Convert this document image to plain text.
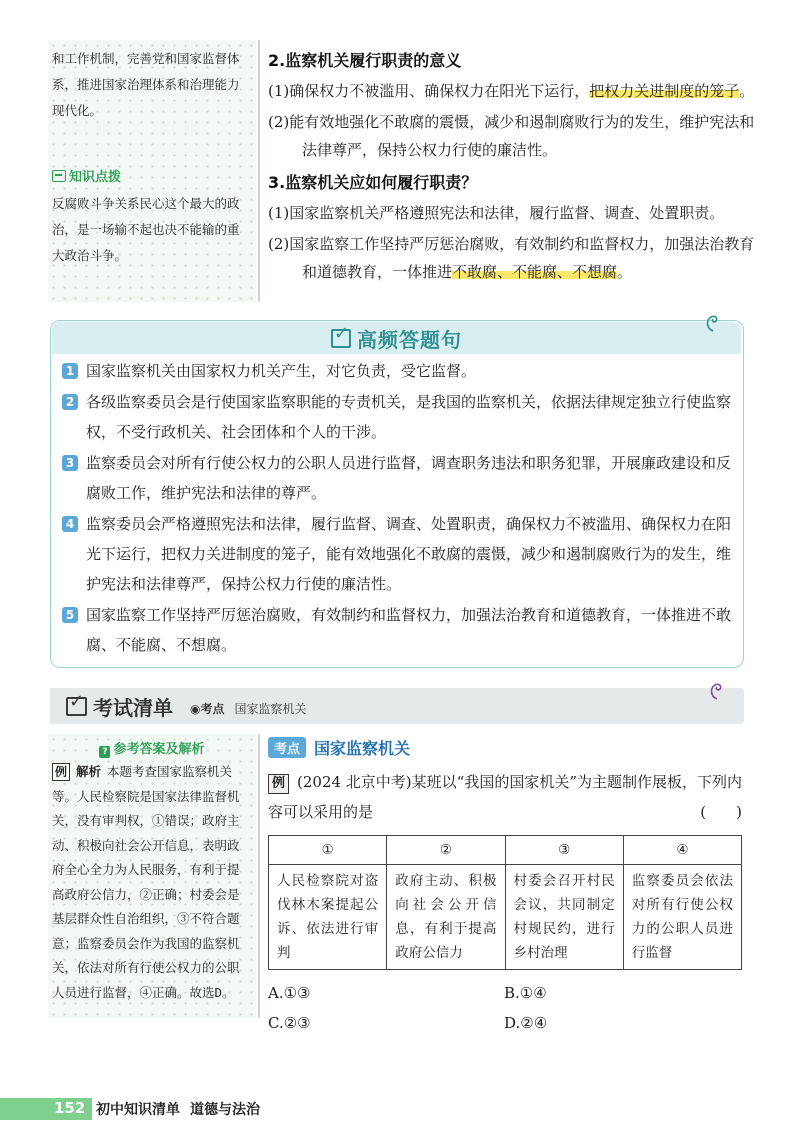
和工作机制，完善党和国家监督体系，推进国家治理体系和治理能力现代化。
知识点拨
反腐败斗争关系民心这个最大的政治，是一场输不起也决不能输的重大政治斗争。
2.监察机关履行职责的意义

(1)确保权力不被滥用、确保权力在阳光下运行，把权力关进制度的笼子。

(2)能有效地强化不敢腐的震慑，减少和遏制腐败行为的发生，维护宪法和法律尊严，保持公权力行使的廉洁性。

3.监察机关应如何履行职责？

(1)国家监察机关严格遵照宪法和法律，履行监督、调查、处置职责。

(2)国家监察工作坚持严厉惩治腐败，有效制约和监督权力，加强法治教育和道德教育，一体推进不敢腐、不能腐、不想腐。

✓高频答题句
1 国家监察机关由国家权力机关产生，对它负责，受它监督。
2 各级监察委员会是行使国家监察职能的专责机关，是我国的监察机关，依据法律规定独立行使监察权，不受行政机关、社会团体和个人的干涉。
3 监察委员会对所有行使公权力的公职人员进行监督，调查职务违法和职务犯罪，开展廉政建设和反腐败工作，维护宪法和法律的尊严。
4 监察委员会严格遵照宪法和法律，履行监督、调查、处置职责，确保权力不被滥用、确保权力在阳光下运行，把权力关进制度的笼子，能有效地强化不敢腐的震慑，减少和遏制腐败行为的发生，维护宪法和法律尊严，保持公权力行使的廉洁性。
5 国家监察工作坚持严厉惩治腐败，有效制约和监督权力，加强法治教育和道德教育，一体推进不敢腐、不能腐、不想腐。
✓考试清单 ◉考点 国家监察机关
? 参考答案及解析
例 解析 本题考查国家监察机关等。人民检察院是国家法律监督机关，没有审判权，①错误；政府主动、积极向社会公开信息，表明政府全心全力为人民服务，有利于提高政府公信力，②正确；村委会是基层群众性自治组织，③不符合题意；监察委员会作为我国的监察机关，依法对所有行使公权力的公职人员进行监督，④正确。故选D。
考点 国家监察机关
例 (2024 北京中考)某班以“我国的国家机关”为主题制作展板，下列内容可以采用的是	(　　)
①	②	③	④
人民检察院对盗伐林木案提起公诉、依法进行审判	政府主动、积极向社会公开信息，有利于提高政府公信力	村委会召开村民会议，共同制定村规民约，进行乡村治理	监察委员会依法对所有行使公权力的公职人员进行监督
A.①③	B.①④
C.②③	D.②④
152 初中知识清单 道德与法治
